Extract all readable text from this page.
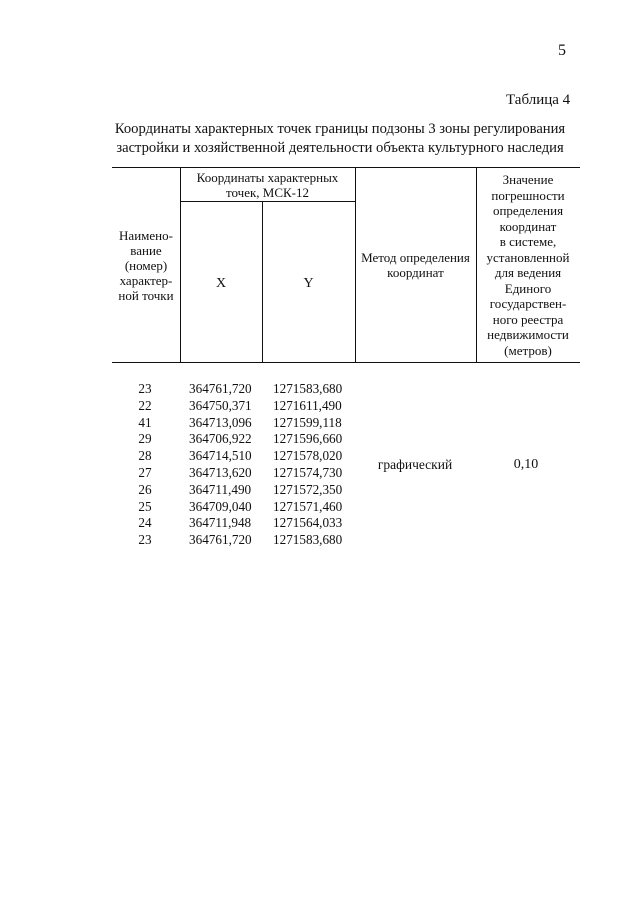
5
Таблица 4
Координаты характерных точек границы подзоны 3 зоны регулирования
застройки и хозяйственной деятельности объекта культурного наследия
Наимено-
вание
(номер)
характер-
ной точки
Координаты характерных
точек, МСК-12
X	Y
Метод определения
координат
Значение
погрешности
определения
координат
в системе,
установленной
для ведения
Единого
государствен-
ного реестра
недвижимости
(метров)
23	364761,720	1271583,680
22	364750,371	1271611,490
41	364713,096	1271599,118
29	364706,922	1271596,660
28	364714,510	1271578,020
27	364713,620	1271574,730
26	364711,490	1271572,350
25	364709,040	1271571,460
24	364711,948	1271564,033
23	364761,720	1271583,680
графический	0,10
